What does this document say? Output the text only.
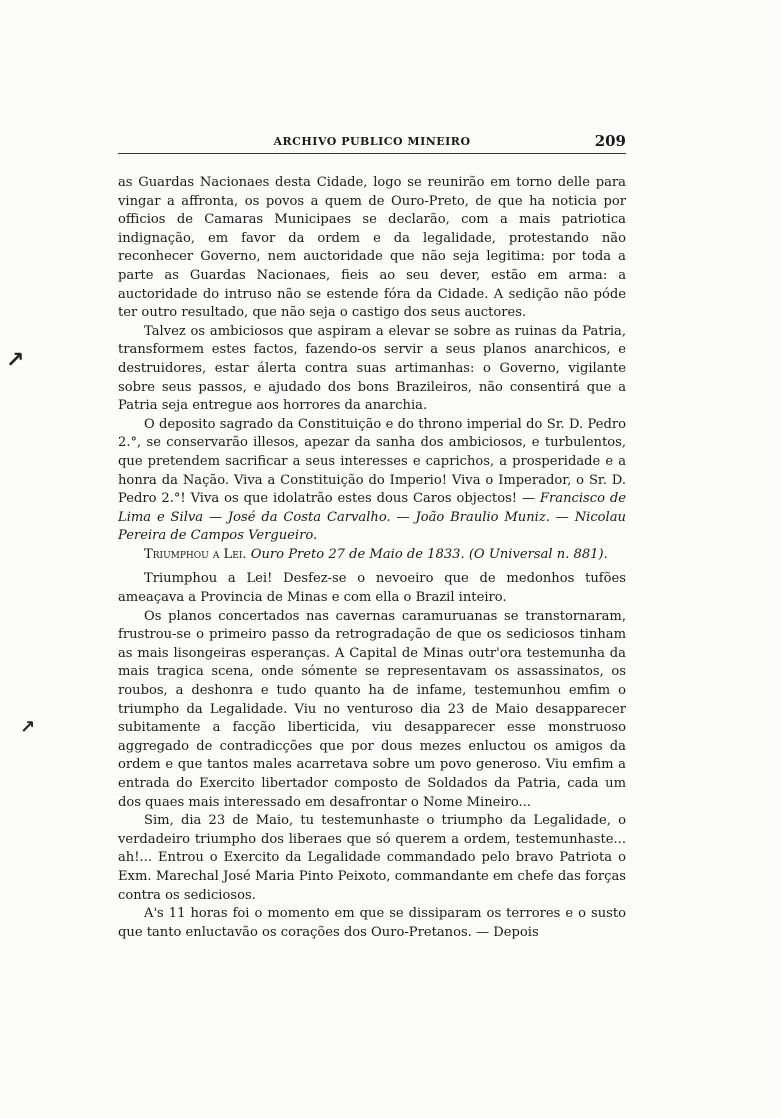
ARCHIVO PUBLICO MINEIRO	209
↗
↗

as Guardas Nacionaes desta Cidade, logo se reunirão em torno delle para vingar a affronta, os povos a quem de Ouro-Preto, de que ha noticia por officios de Camaras Municipaes se declarão, com a mais patriotica indignação, em favor da ordem e da legalidade, protestando não reconhecer Governo, nem auctoridade que não seja legitima: por toda a parte as Guardas Nacionaes, fieis ao seu dever, estão em arma: a auctoridade do intruso não se estende fóra da Cidade. A sedição não póde ter outro resultado, que não seja o castigo dos seus auctores.

Talvez os ambiciosos que aspiram a elevar se sobre as ruinas da Patria, transformem estes factos, fazendo-os servir a seus planos anarchicos, e destruidores, estar álerta contra suas artimanhas: o Governo, vigilante sobre seus passos, e ajudado dos bons Brazileiros, não consentirá que a Patria seja entregue aos horrores da anarchia.

O deposito sagrado da Constituição e do throno imperial do Sr. D. Pedro 2.°, se conservarão illesos, apezar da sanha dos ambiciosos, e turbulentos, que pretendem sacrificar a seus interesses e caprichos, a prosperidade e a honra da Nação. Viva a Constituição do Imperio! Viva o Imperador, o Sr. D. Pedro 2.°! Viva os que idolatrão estes dous Caros objectos! — Francisco de Lima e Silva — José da Costa Carvalho. — João Braulio Muniz. — Nicolau Pereira de Campos Vergueiro.

Triumphou a Lei. Ouro Preto 27 de Maio de 1833. (O Universal n. 881).

Triumphou a Lei! Desfez-se o nevoeiro que de medonhos tufões ameaçava a Provincia de Minas e com ella o Brazil inteiro.

Os planos concertados nas cavernas caramuruanas se transtornaram, frustrou-se o primeiro passo da retrogradação de que os sediciosos tinham as mais lisongeiras esperanças. A Capital de Minas outr'ora testemunha da mais tragica scena, onde sómente se representavam os assassinatos, os roubos, a deshonra e tudo quanto ha de infame, testemunhou emfim o triumpho da Legalidade. Viu no venturoso dia 23 de Maio desapparecer subitamente a facção liberticida, viu desapparecer esse monstruoso aggregado de contradicções que por dous mezes enluctou os amigos da ordem e que tantos males acarretava sobre um povo generoso. Viu emfim a entrada do Exercito libertador composto de Soldados da Patria, cada um dos quaes mais interessado em desafrontar o Nome Mineiro...

Sim, dia 23 de Maio, tu testemunhaste o triumpho da Legalidade, o verdadeiro triumpho dos liberaes que só querem a ordem, testemunhaste... ah!... Entrou o Exercito da Legalidade commandado pelo bravo Patriota o Exm. Marechal José Maria Pinto Peixoto, commandante em chefe das forças contra os sediciosos.

A's 11 horas foi o momento em que se dissiparam os terrores e o susto que tanto enluctavão os corações dos Ouro-Pretanos. — Depois
